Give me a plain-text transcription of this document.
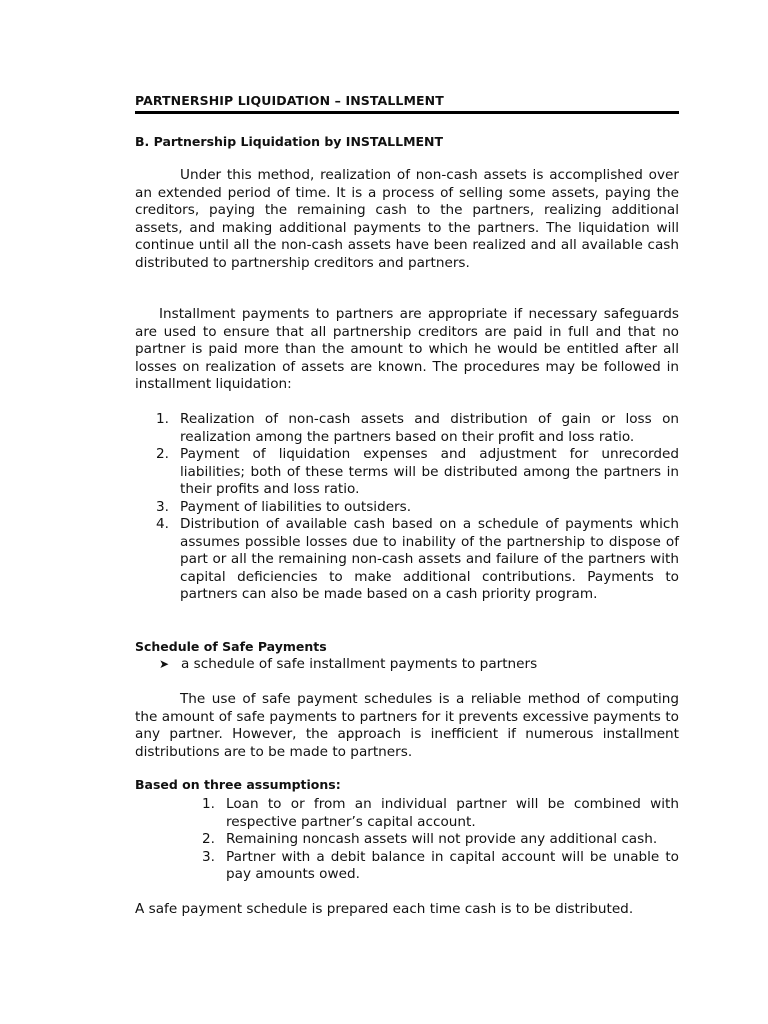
PARTNERSHIP LIQUIDATION – INSTALLMENT
B. Partnership Liquidation by INSTALLMENT

Under this method, realization of non-cash assets is accomplished over an extended period of time. It is a process of selling some assets, paying the creditors, paying the remaining cash to the partners, realizing additional assets, and making additional payments to the partners. The liquidation will continue until all the non-cash assets have been realized and all available cash distributed to partnership creditors and partners.

Installment payments to partners are appropriate if necessary safeguards are used to ensure that all partnership creditors are paid in full and that no partner is paid more than the amount to which he would be entitled after all losses on realization of assets are known. The procedures may be followed in installment liquidation:

1. Realization of non-cash assets and distribution of gain or loss on realization among the partners based on their profit and loss ratio.
2. Payment of liquidation expenses and adjustment for unrecorded liabilities; both of these terms will be distributed among the partners in their profits and loss ratio.
3. Payment of liabilities to outsiders.
4. Distribution of available cash based on a schedule of payments which assumes possible losses due to inability of the partnership to dispose of part or all the remaining non-cash assets and failure of the partners with capital deficiencies to make additional contributions. Payments to partners can also be made based on a cash priority program.
Schedule of Safe Payments
➤ a schedule of safe installment payments to partners

The use of safe payment schedules is a reliable method of computing the amount of safe payments to partners for it prevents excessive payments to any partner. However, the approach is inefficient if numerous installment distributions are to be made to partners.

Based on three assumptions:
1. Loan to or from an individual partner will be combined with respective partner’s capital account.
2. Remaining noncash assets will not provide any additional cash.
3. Partner with a debit balance in capital account will be unable to pay amounts owed.
A safe payment schedule is prepared each time cash is to be distributed.
